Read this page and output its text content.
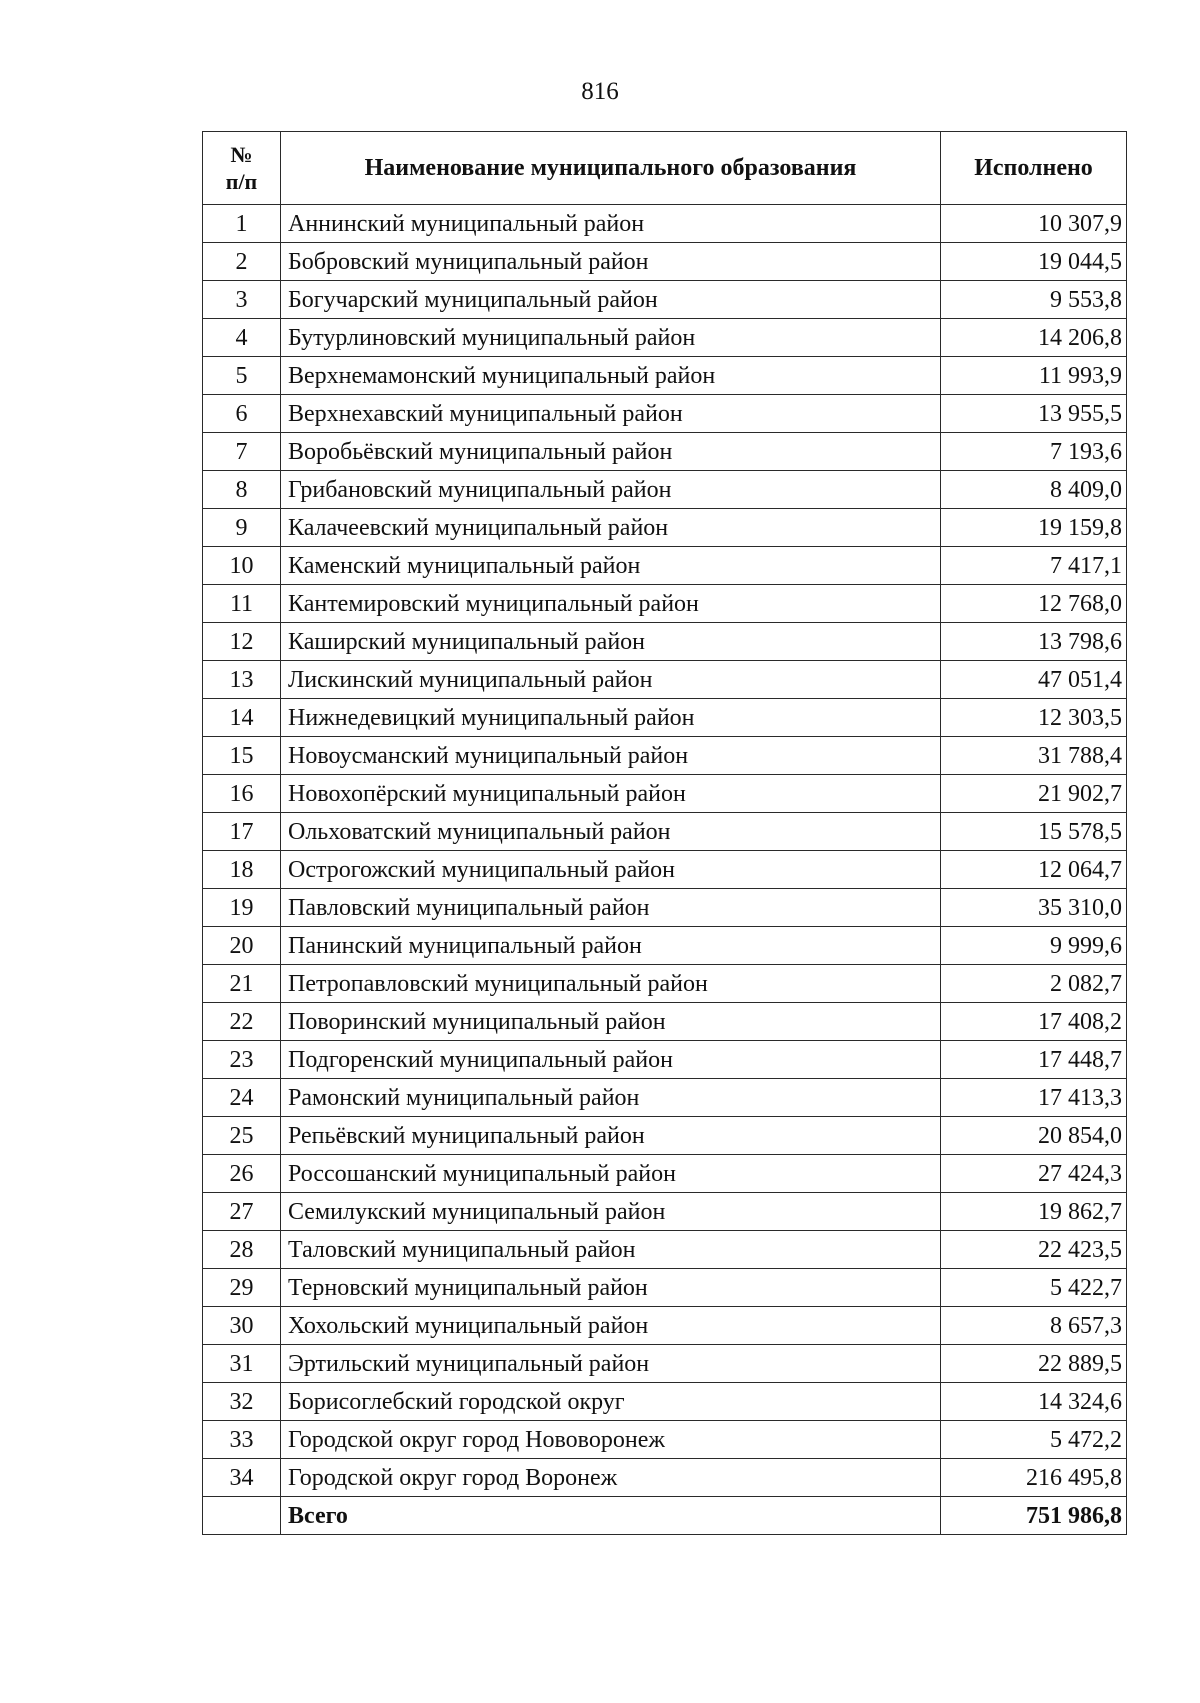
816
№
п/п	Наименование муниципального образования	Исполнено
1	Аннинский муниципальный район	10 307,9
2	Бобровский муниципальный район	19 044,5
3	Богучарский муниципальный район	9 553,8
4	Бутурлиновский муниципальный район	14 206,8
5	Верхнемамонский муниципальный район	11 993,9
6	Верхнехавский муниципальный район	13 955,5
7	Воробьёвский муниципальный район	7 193,6
8	Грибановский муниципальный район	8 409,0
9	Калачеевский муниципальный район	19 159,8
10	Каменский муниципальный район	7 417,1
11	Кантемировский муниципальный район	12 768,0
12	Каширский муниципальный район	13 798,6
13	Лискинский муниципальный район	47 051,4
14	Нижнедевицкий муниципальный район	12 303,5
15	Новоусманский муниципальный район	31 788,4
16	Новохопёрский муниципальный район	21 902,7
17	Ольховатский муниципальный район	15 578,5
18	Острогожский муниципальный район	12 064,7
19	Павловский муниципальный район	35 310,0
20	Панинский муниципальный район	9 999,6
21	Петропавловский муниципальный район	2 082,7
22	Поворинский муниципальный район	17 408,2
23	Подгоренский муниципальный район	17 448,7
24	Рамонский муниципальный район	17 413,3
25	Репьёвский муниципальный район	20 854,0
26	Россошанский муниципальный район	27 424,3
27	Семилукский муниципальный район	19 862,7
28	Таловский муниципальный район	22 423,5
29	Терновский муниципальный район	5 422,7
30	Хохольский муниципальный район	8 657,3
31	Эртильский муниципальный район	22 889,5
32	Борисоглебский городской округ	14 324,6
33	Городской округ город Нововоронеж	5 472,2
34	Городской округ город Воронеж	216 495,8
	Всего	751 986,8
